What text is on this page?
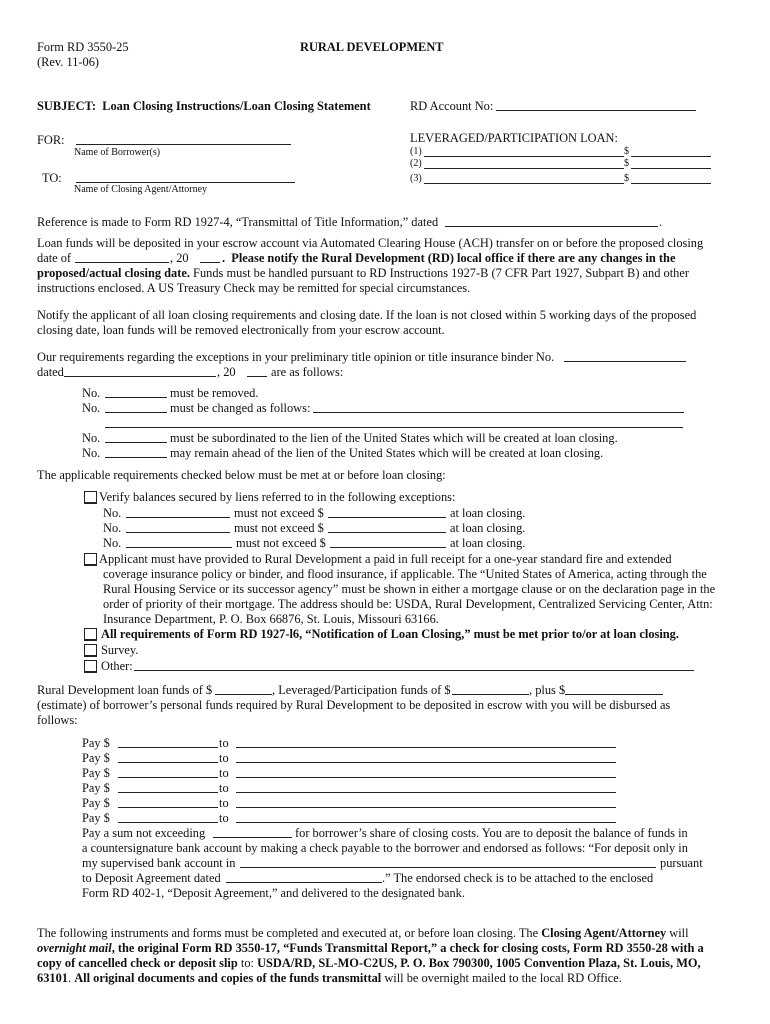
Form RD 3550-25
(Rev. 11-06)
RURAL DEVELOPMENT
SUBJECT: Loan Closing Instructions/Loan Closing Statement	RD Account No:
FOR:
Name of Borrower(s)
TO:
Name of Closing Agent/Attorney
LEVERAGED/PARTICIPATION LOAN:
(1)	$
(2)	$
(3)	$
Reference is made to Form RD 1927-4, “Transmittal of Title Information,” dated	.
Loan funds will be deposited in your escrow account via Automated Clearing House (ACH) transfer on or before the proposed closing
date of	, 20	.  Please notify the Rural Development (RD) local office if there are any changes in the
proposed/actual closing date. Funds must be handled pursuant to RD Instructions 1927-B (7 CFR Part 1927, Subpart B) and other
instructions enclosed. A US Treasury Check may be remitted for special circumstances.
Notify the applicant of all loan closing requirements and closing date. If the loan is not closed within 5 working days of the proposed
closing date, loan funds will be removed electronically from your escrow account.
Our requirements regarding the exceptions in your preliminary title opinion or title insurance binder No.
dated	, 20	are as follows:
No.	must be removed.
No.	must be changed as follows:
No.	must be subordinated to the lien of the United States which will be created at loan closing.
No.	may remain ahead of the lien of the United States which will be created at loan closing.
The applicable requirements checked below must be met at or before loan closing:
Verify balances secured by liens referred to in the following exceptions:
No.	must not exceed $	at loan closing.
No.	must not exceed $	at loan closing.
No.	must not exceed $	at loan closing.
Applicant must have provided to Rural Development a paid in full receipt for a one-year standard fire and extended
coverage insurance policy or binder, and flood insurance, if applicable. The “United States of America, acting through the
Rural Housing Service or its successor agency” must be shown in either a mortgage clause or on the declaration page in the
order of priority of their mortgage. The address should be: USDA, Rural Development, Centralized Servicing Center, Attn:
Insurance Department, P. O. Box 66876, St. Louis, Missouri 63166.
All requirements of Form RD 1927-l6, “Notification of Loan Closing,” must be met prior to/or at loan closing.
Survey.
Other:
Rural Development loan funds of $	, Leveraged/Participation funds of $	, plus $
(estimate) of borrower’s personal funds required by Rural Development to be deposited in escrow with you will be disbursed as
follows:
Pay $	to
Pay $	to
Pay $	to
Pay $	to
Pay $	to
Pay $	to
Pay a sum not exceeding	for borrower’s share of closing costs. You are to deposit the balance of funds in
a countersignature bank account by making a check payable to the borrower and endorsed as follows: “For deposit only in
my supervised bank account in	pursuant
to Deposit Agreement dated	.” The endorsed check is to be attached to the enclosed
Form RD 402-1, “Deposit Agreement,” and delivered to the designated bank.
The following instruments and forms must be completed and executed at, or before loan closing. The Closing Agent/Attorney will
overnight mail, the original Form RD 3550-17, “Funds Transmittal Report,” a check for closing costs, Form RD 3550-28 with a
copy of cancelled check or deposit slip to: USDA/RD, SL-MO-C2US, P. O. Box 790300, 1005 Convention Plaza, St. Louis, MO,
63101. All original documents and copies of the funds transmittal will be overnight mailed to the local RD Office.
